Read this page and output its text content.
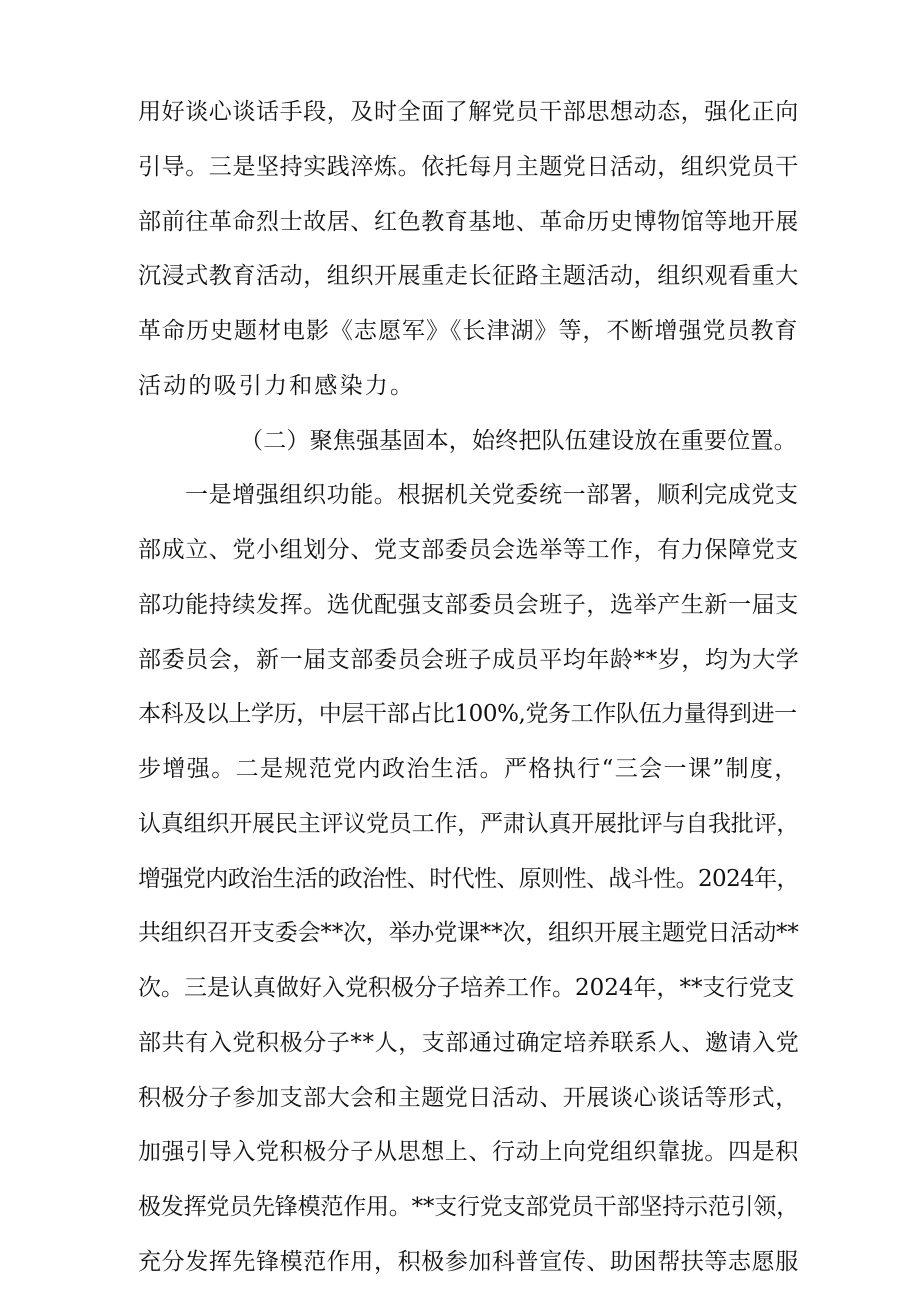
用好谈心谈话手段，及时全面了解党员干部思想动态，强化正向
引导。三是坚持实践淬炼。依托每月主题党日活动，组织党员干
部前往革命烈士故居、红色教育基地、革命历史博物馆等地开展
沉浸式教育活动，组织开展重走长征路主题活动，组织观看重大
革命历史题材电影《志愿军》《长津湖》等，不断增强党员教育
活动的吸引力和感染力。
（二）聚焦强基固本，始终把队伍建设放在重要位置。
一是增强组织功能。根据机关党委统一部署，顺利完成党支
部成立、党小组划分、党支部委员会选举等工作，有力保障党支
部功能持续发挥。选优配强支部委员会班子，选举产生新一届支
部委员会，新一届支部委员会班子成员平均年龄**岁，均为大学
本科及以上学历，中层干部占比100%,党务工作队伍力量得到进一
步增强。二是规范党内政治生活。严格执行“三会一课”制度，
认真组织开展民主评议党员工作，严肃认真开展批评与自我批评，
增强党内政治生活的政治性、时代性、原则性、战斗性。2024年，
共组织召开支委会**次，举办党课**次，组织开展主题党日活动**
次。三是认真做好入党积极分子培养工作。2024年，**支行党支
部共有入党积极分子**人，支部通过确定培养联系人、邀请入党
积极分子参加支部大会和主题党日活动、开展谈心谈话等形式，
加强引导入党积极分子从思想上、行动上向党组织靠拢。四是积
极发挥党员先锋模范作用。**支行党支部党员干部坚持示范引领，
充分发挥先锋模范作用，积极参加科普宣传、助困帮扶等志愿服
